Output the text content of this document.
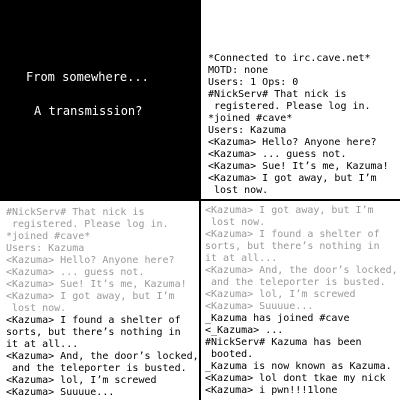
From somewhere...
A transmission?
*Connected to irc.cave.net*
MOTD: none
Users: 1 Ops: 0
#NickServ# That nick is
registered. Please log in.
*joined #cave*
Users: Kazuma
<Kazuma> Hello? Anyone here?
<Kazuma> ... guess not.
<Kazuma> Sue! It’s me, Kazuma!
<Kazuma> I got away, but I’m
lost now.
#NickServ# That nick is
registered. Please log in.
*joined #cave*
Users: Kazuma
<Kazuma> Hello? Anyone here?
<Kazuma> ... guess not.
<Kazuma> Sue! It’s me, Kazuma!
<Kazuma> I got away, but I’m
lost now.
<Kazuma> I found a shelter of
sorts, but there’s nothing in
it at all...
<Kazuma> And, the door’s locked,
and the teleporter is busted.
<Kazuma> lol, I’m screwed
<Kazuma> Suuuue...
<Kazuma> I got away, but I’m
lost now.
<Kazuma> I found a shelter of
sorts, but there’s nothing in
it at all...
<Kazuma> And, the door’s locked,
and the teleporter is busted.
<Kazuma> lol, I’m screwed
<Kazuma> Suuuue...
_Kazuma has joined #cave
<_Kazuma> ...
#NickServ# Kazuma has been
booted.
_Kazuma is now known as Kazuma.
<Kazuma> lol dont tkae my nick
<Kazuma> i pwn!!!1lone
